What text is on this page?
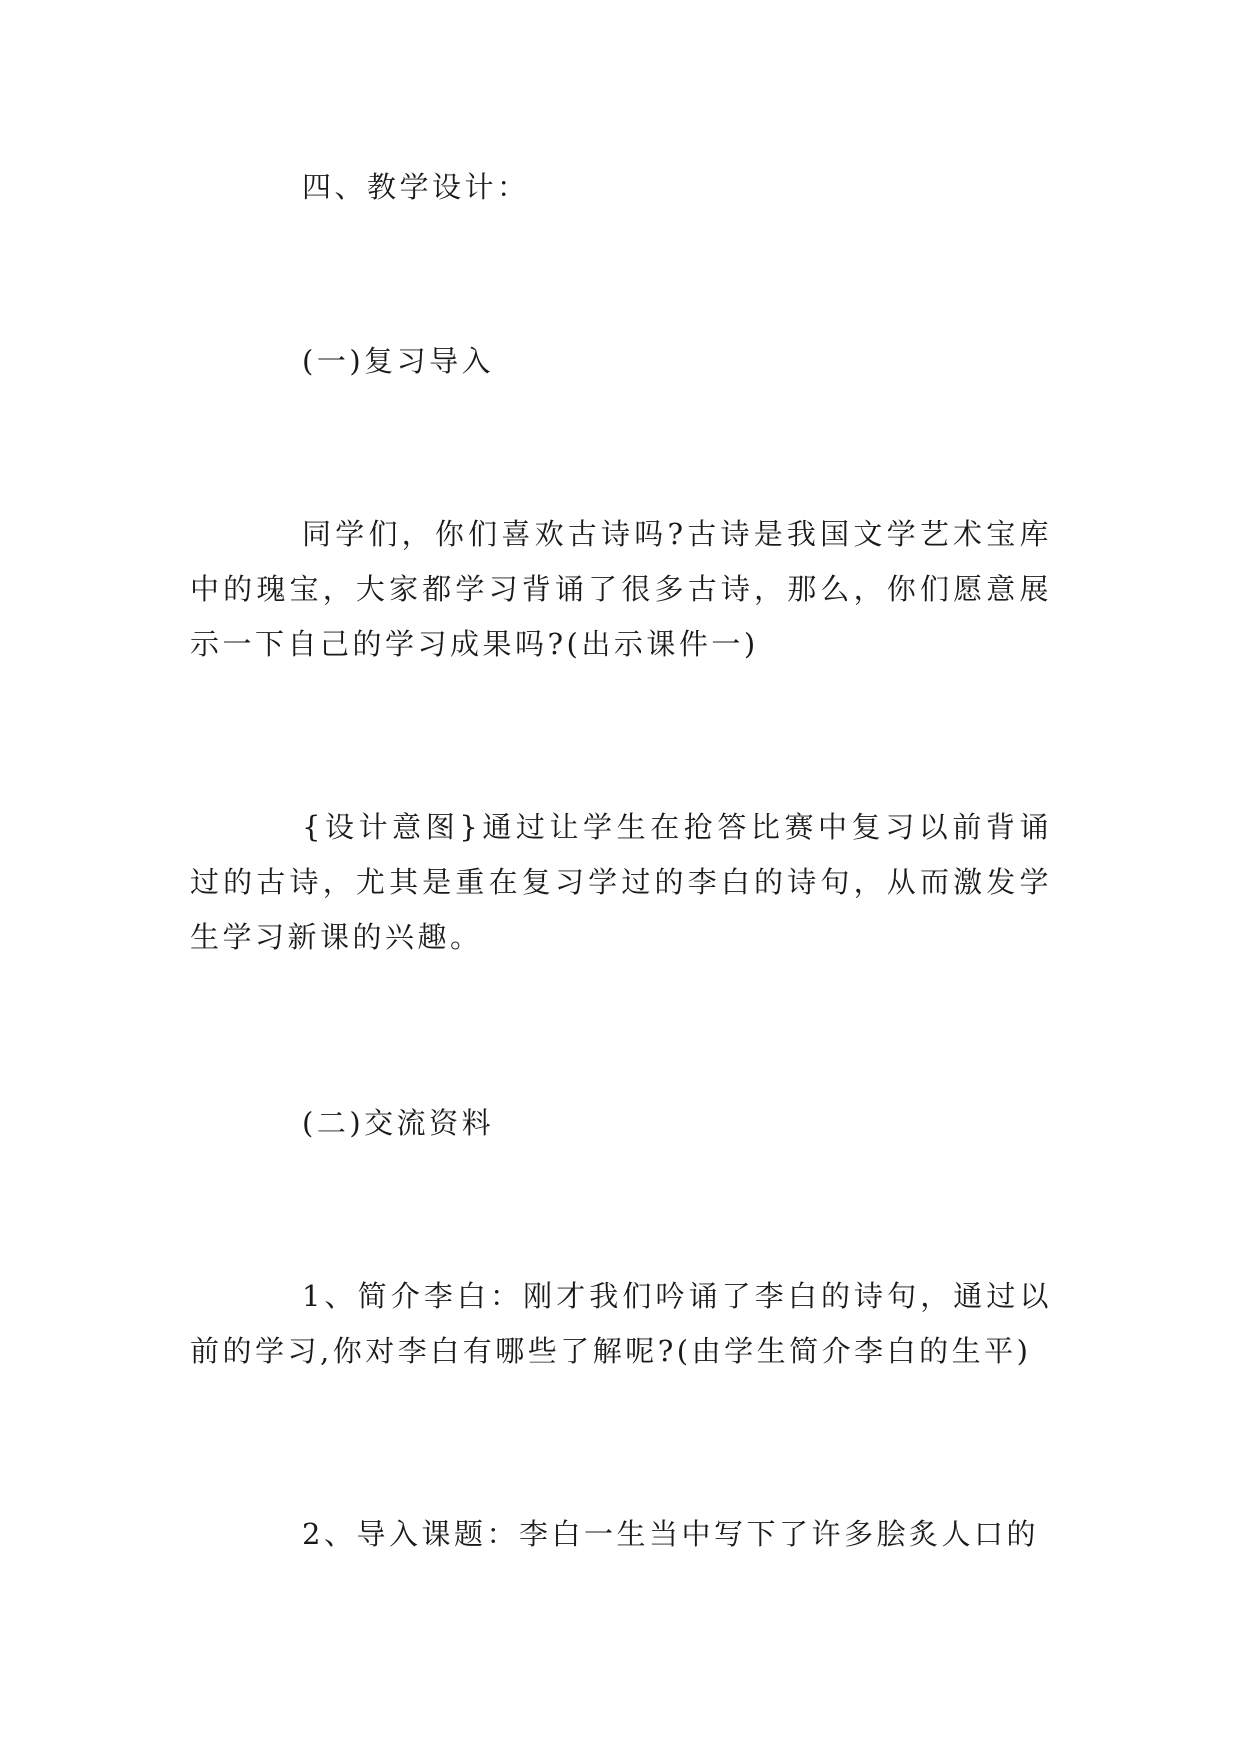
四、教学设计：

(一)复习导入

同学们，你们喜欢古诗吗?古诗是我国文学艺术宝库中的瑰宝，大家都学习背诵了很多古诗，那么，你们愿意展示一下自己的学习成果吗?(出示课件一)

{设计意图}通过让学生在抢答比赛中复习以前背诵过的古诗，尤其是重在复习学过的李白的诗句，从而激发学生学习新课的兴趣。

(二)交流资料

1、简介李白：刚才我们吟诵了李白的诗句，通过以前的学习,你对李白有哪些了解呢?(由学生简介李白的生平)

2、导入课题：李白一生当中写下了许多脍炙人口的
